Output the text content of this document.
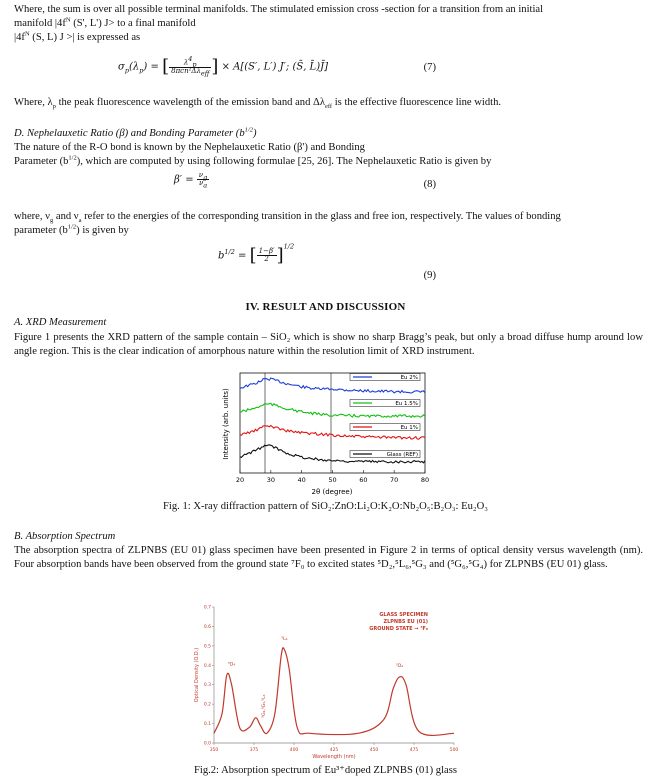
Where, the sum is over all possible terminal manifolds. The stimulated emission cross -section for a transition from an initial
manifold $|4f^N$ (S', L') J> to a final manifold
$|4f^N$ (S, L) J >| is expressed as

$\sigma_p(\lambda_p)$ = [ $\frac{\lambda^4_p}{8\pi cn^2\Delta\lambda_{eff}}$ ] × A[(S′, L′) J′; (S̄, L̄)J̄]	(7)

Where, $\lambda_p$ the peak fluorescence wavelength of the emission band and $\Delta\lambda_{eff}$ is the effective fluorescence line width.

D. Nephelauxetic Ratio (β) and Bonding Parameter $(b^{1/2})$

The nature of the R-O bond is known by the Nephelauxetic Ratio (β') and Bonding
Parameter $(b^{1/2})$, which are computed by using following formulae [25, 26]. The Nephelauxetic Ratio is given by

$\beta' = \frac{\nu_g}{\nu_a}$	(8)

where, $\nu_g$ and $\nu_a$ refer to the energies of the corresponding transition in the glass and free ion, respectively. The values of bonding
parameter $(b^{1/2})$ is given by

$b^{1/2}$ = [ $\frac{1-\beta'}{2} ]^{1/2}$
(9)
IV. RESULT AND DISCUSSION

A. XRD Measurement

Figure 1 presents the XRD pattern of the sample contain – SiO₂ which is show no sharp Bragg’s peak, but only a broad diffuse hump around low angle region. This is the clear indication of amorphous nature within the resolution limit of XRD instrument.

Eu 2%
Eu 1.5%
Eu 1%
Glass (REF)
20	30	40	50	60	70	80
Intensity (arb. units)
2θ (degree)
Fig. 1: X-ray diffraction pattern of SiO₂:ZnO:Li₂O:K₂O:Nb₂O₅:B₂O₃: Eu₂O₃

B. Absorption Spectrum

The absorption spectra of ZLPNBS (EU 01) glass specimen have been presented in Figure 2 in terms of optical density versus wavelength (nm). Four absorption bands have been observed from the ground state ⁷F₀ to excited states ⁵D₂,⁵L₆,⁵G₃ and (⁵G₆,⁵G₄) for ZLPNBS (EU 01) glass.

0.0
0.1
0.2
0.3
0.4
0.5
0.6
0.7
350	375	400	425	450	475	500
⁵D₄
⁵G₂,⁵G₃,⁵L₆
⁵L₆
⁵D₂
GLASS SPECIMEN
ZLPNBS EU (01)
GROUND STATE → ⁷F₀
Optical Density (O.D.)
Wavelength (nm)
Fig.2: Absorption spectrum of Eu³⁺doped ZLPNBS (01) glass
